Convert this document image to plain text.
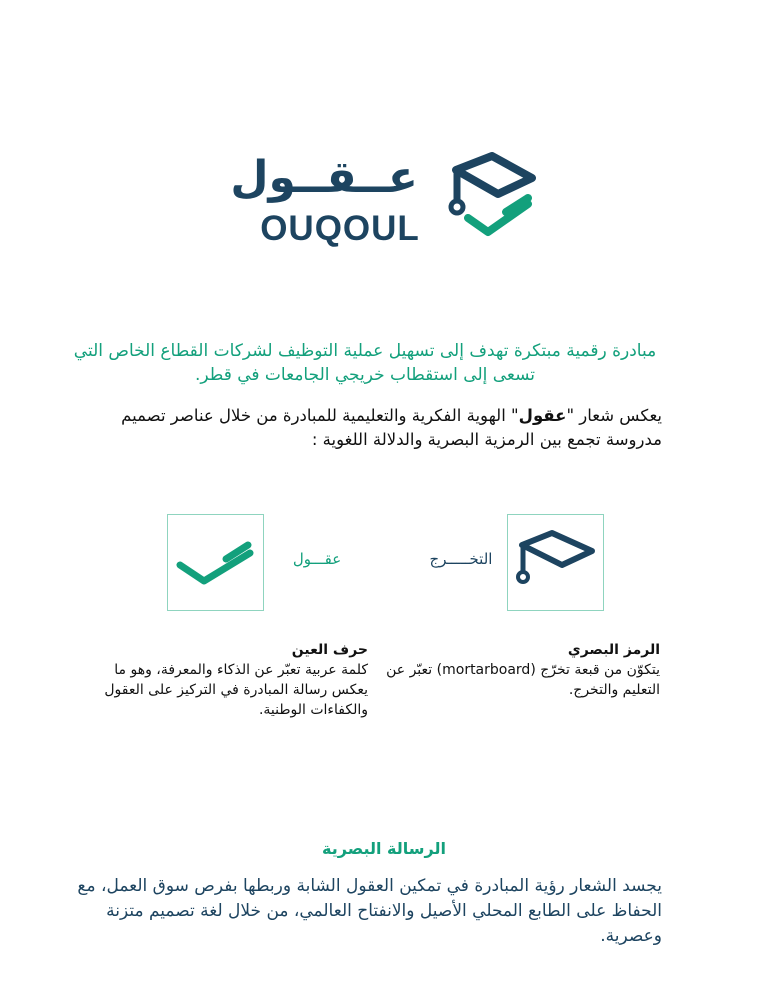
عــقــول
OUQOUL
مبادرة رقمية مبتكرة تهدف إلى تسهيل عملية التوظيف لشركات القطاع الخاص التي تسعى إلى استقطاب خريجي الجامعات في قطر.
يعكس شعار "عقول" الهوية الفكرية والتعليمية للمبادرة من خلال عناصر تصميم مدروسة تجمع بين الرمزية البصرية والدلالة اللغوية :
عقـــول	التخـــــرج
الرمز البصري
يتكوّن من قبعة تخرّج (mortarboard) تعبّر عن التعليم والتخرج.
حرف العين
كلمة عربية تعبّر عن الذكاء والمعرفة، وهو ما يعكس رسالة المبادرة في التركيز على العقول والكفاءات الوطنية.
الرسالة البصرية
يجسد الشعار رؤية المبادرة في تمكين العقول الشابة وربطها بفرص سوق العمل، مع الحفاظ على الطابع المحلي الأصيل والانفتاح العالمي، من خلال لغة تصميم متزنة وعصرية.
